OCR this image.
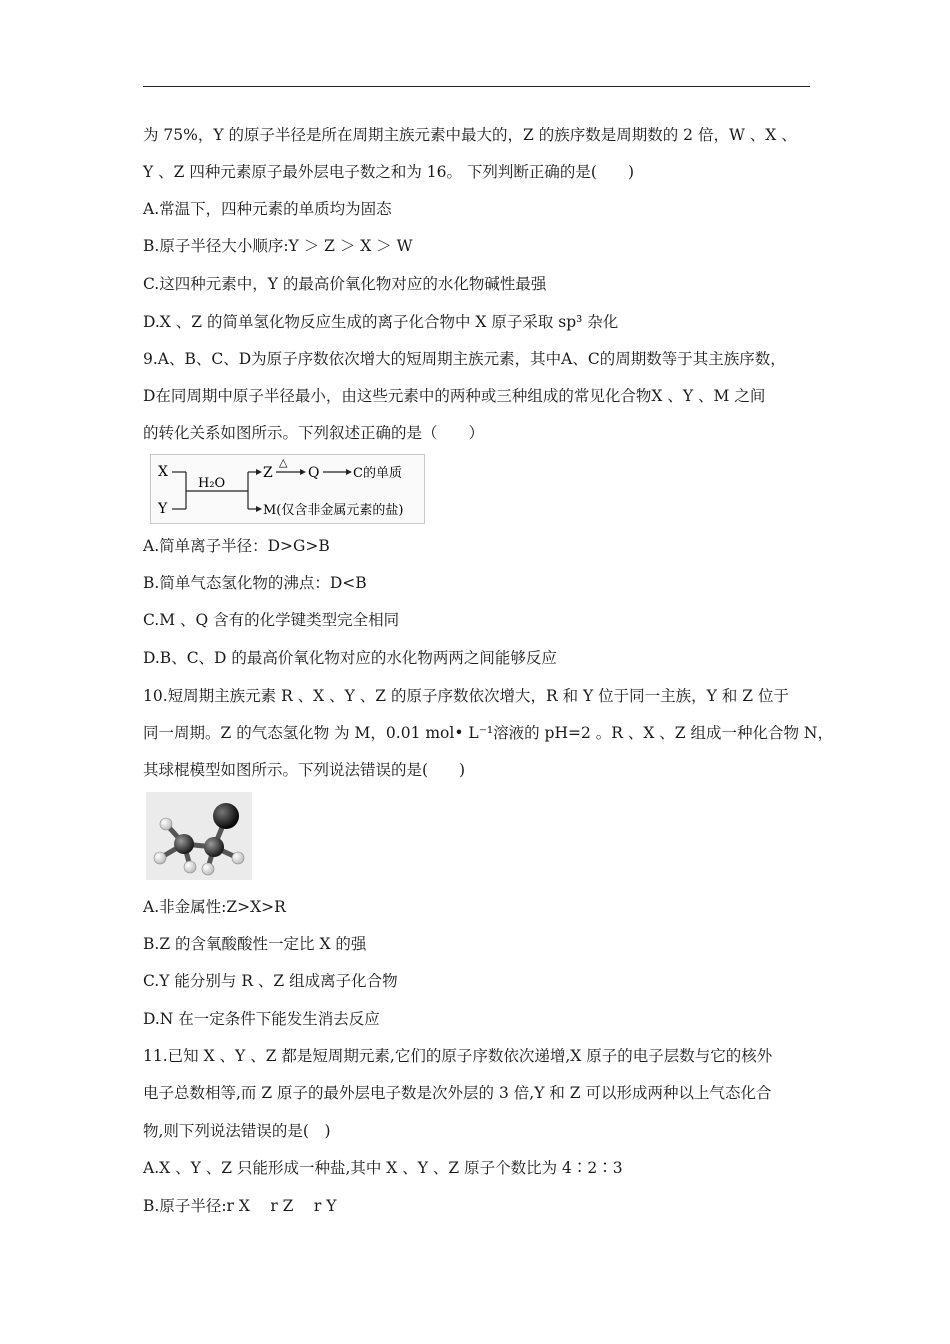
为 75%，Y 的原子半径是所在周期主族元素中最大的，Z 的族序数是周期数的 2 倍，W 、X 、
Y 、Z 四种元素原子最外层电子数之和为 16。 下列判断正确的是(　　)
A.常温下，四种元素的单质均为固态
B.原子半径大小顺序:Y ＞ Z ＞ X ＞ W
C.这四种元素中，Y 的最高价氧化物对应的水化物碱性最强
D.X 、Z 的简单氢化物反应生成的离子化合物中 X 原子采取 sp³ 杂化
9.A、B、C、D为原子序数依次增大的短周期主族元素，其中A、C的周期数等于其主族序数，
D在同周期中原子半径最小，由这些元素中的两种或三种组成的常见化合物X 、Y 、M 之间
的转化关系如图所示。下列叙述正确的是（　　）
X
Y
H₂O
Z
△
Q	C的单质
M(仅含非金属元素的盐)
A.简单离子半径：D>G>B
B.简单气态氢化物的沸点：D<B
C.M 、Q 含有的化学键类型完全相同
D.B、C、D 的最高价氧化物对应的水化物两两之间能够反应
10.短周期主族元素 R 、X 、Y 、Z 的原子序数依次增大，R 和 Y 位于同一主族，Y 和 Z 位于
同一周期。Z 的气态氢化物 为 M，0.01 mol• L⁻¹溶液的 pH=2 。R 、X 、Z 组成一种化合物 N，
其球棍模型如图所示。下列说法错误的是(　　)
A.非金属性:Z>X>R
B.Z 的含氧酸酸性一定比 X 的强
C.Y 能分别与 R 、Z 组成离子化合物
D.N 在一定条件下能发生消去反应
11.已知 X 、Y 、Z 都是短周期元素,它们的原子序数依次递增,X 原子的电子层数与它的核外
电子总数相等,而 Z 原子的最外层电子数是次外层的 3 倍,Y 和 Z 可以形成两种以上气态化合
物,则下列说法错误的是(　)
A.X 、Y 、Z 只能形成一种盐,其中 X 、Y 、Z 原子个数比为 4∶2∶3
B.原子半径:r X　 r Z　 r Y
